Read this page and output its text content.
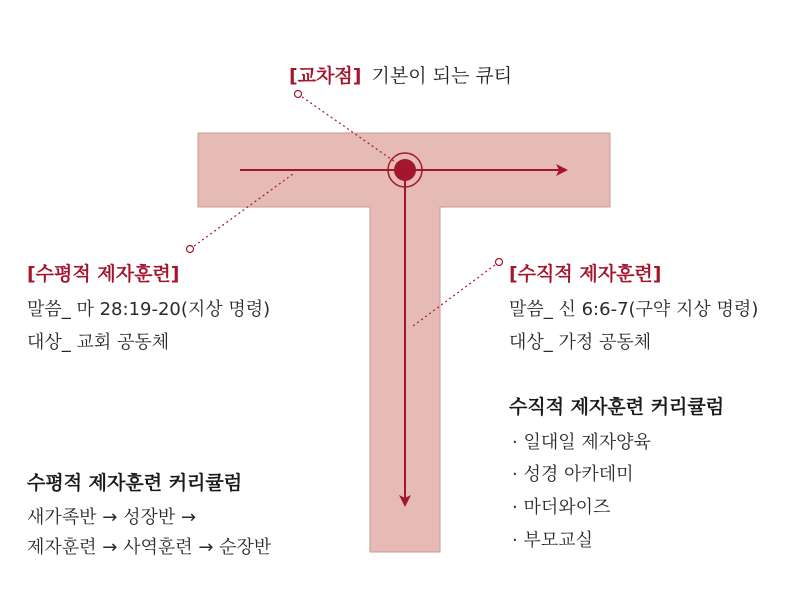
[교차점] 기본이 되는 큐티
[수평적 제자훈련]
말씀_ 마 28:19-20(지상 명령)
대상_ 교회 공동체
[수직적 제자훈련]
말씀_ 신 6:6-7(구약 지상 명령)
대상_ 가정 공동체
수직적 제자훈련 커리큘럼
· 일대일 제자양육
· 성경 아카데미
· 마더와이즈
· 부모교실
수평적 제자훈련 커리큘럼
새가족반 → 성장반 →
제자훈련 → 사역훈련 → 순장반
